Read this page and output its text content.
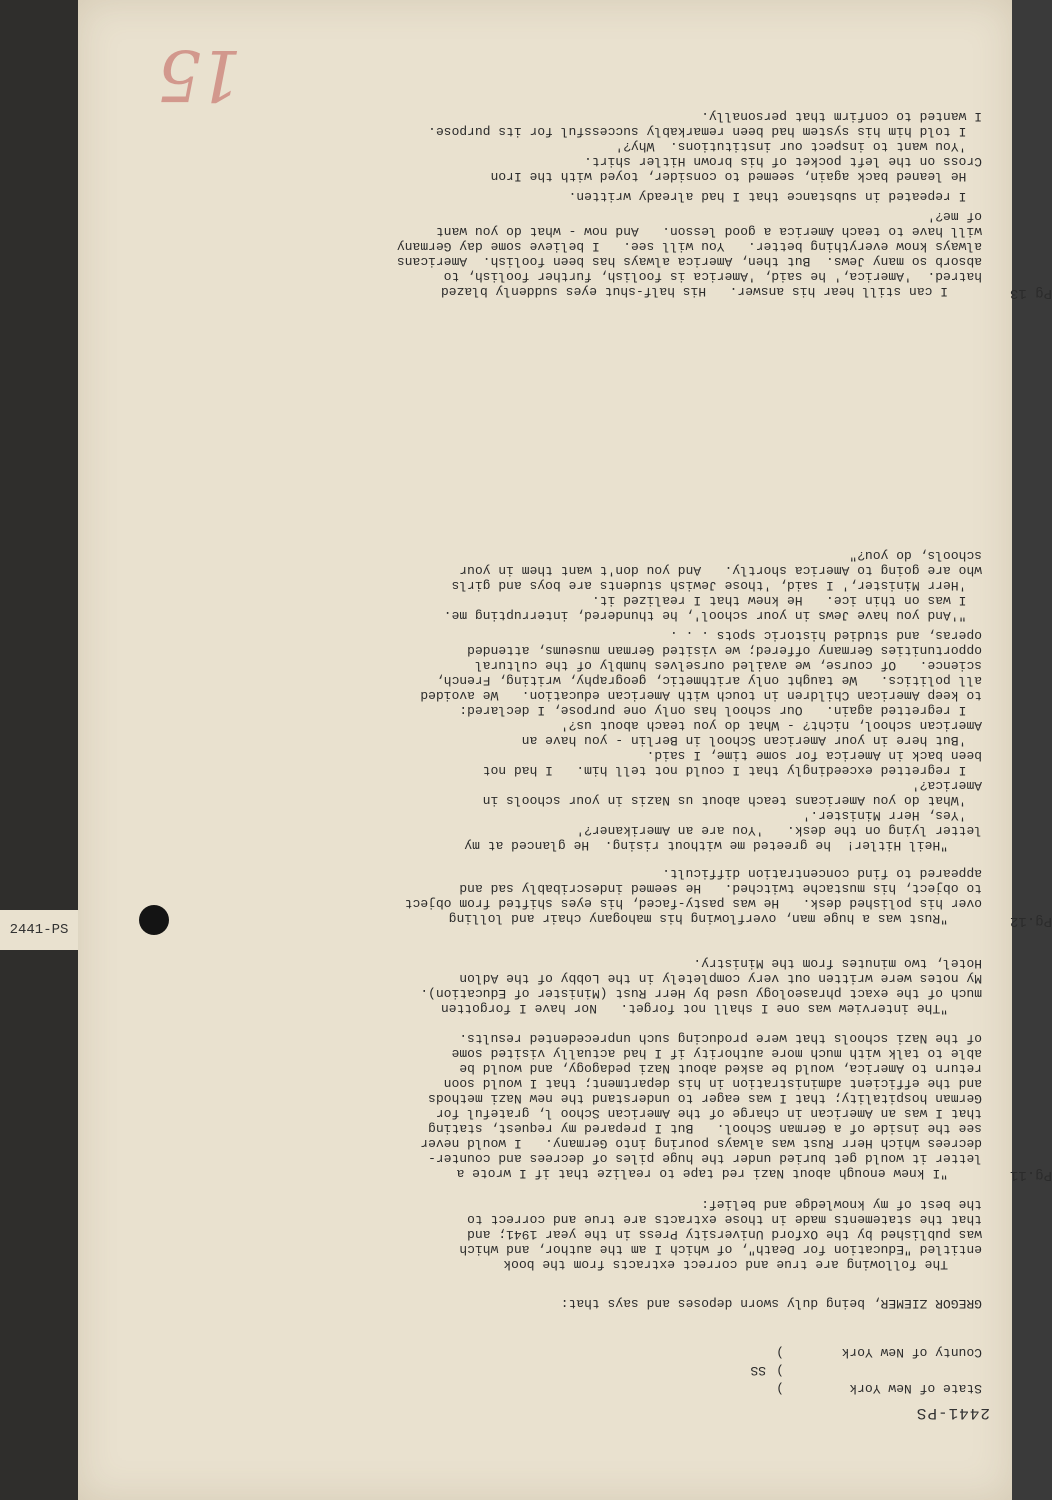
2441-PS
15
2441-PS
State of New York
County of New York
)
)
)
SS
GREGOR ZIEMER, being duly sworn deposes and says that:
The following are true and correct extracts from the book
entitled "Education for Death", of which I am the author, and which
was published by the Oxford University Press in the year 1941; and
that the statements made in those extracts are true and correct to
the best of my knowledge and belief:
Pg.11
"I knew enough about Nazi red tape to realize that if I wrote a
letter it would get buried under the huge piles of decrees and counter-
decrees which Herr Rust was always pouring into Germany.   I would never
see the inside of a German School.   But I prepared my request, stating
that I was an American in charge of the American Schoo l, grateful for
German hospitality; that I was eager to understand the new Nazi methods
and the efficient administration in his department; that I would soon
return to America, would be asked about Nazi pedagogy, and would be
able to talk with much more authority if I had actually visited some
of the Nazi schools that were producing such unprecedented results.
"The interview was one I shall not forget.   Nor have I forgotten
much of the exact phraseology used by Herr Rust (Minister of Education).
My notes were written out very completely in the Lobby of the Adlon
Hotel, two minutes from the Ministry.
Pg.12
"Rust was a huge man, overflowing his mahogany chair and lolling
over his polished desk.   He was pasty-faced, his eyes shifted from object
to object, his mustache twitched.   He seemed indescribably sad and
appeared to find concentration difficult.
"Heil Hitler!  he greeted me without rising.  He glanced at my
letter lying on the desk.   'You are an Amerikaner?'
'Yes, Herr Minister.'
'What do you Americans teach about us Nazis in your schools in
America?'
I regretted exceedingly that I could not tell him.   I had not
been back in America for some time, I said.
'But here in your American School in Berlin - you have an
American school, nicht? - What do you teach about us?'
I regretted again.   Our school has only one purpose, I declared:
to keep American Children in touch with American education.   We avoided
all politics.   We taught only arithmetic, geography, writing, French,
science.   Of course, we availed ourselves humbly of the cultural
opportunities Germany offered; we visited German museums, attended
operas, and studied historic spots . . .
"'And you have Jews in your school', he thundered, interrupting me.
I was on thin ice.   He knew that I realized it.
'Herr Minister,' I said, 'those Jewish students are boys and girls
who are going to America shortly.   And you don't want them in your
schools, do you?"
Pg 13
I can still hear his answer.   His half-shut eyes suddenly blazed
hatred.  'America,' he said, 'America is foolish, further foolish, to
absorb so many Jews.  But then, America always has been foolish.  Americans
always know everything better.   You will see.   I believe some day Germany
will have to teach America a good lesson.   And now - what do you want
of me?'
I repeated in substance that I had already written.
He leaned back again, seemed to consider, toyed with the Iron
Cross on the left pocket of his brown Hitler shirt.
'You want to inspect our institutions.  Why?'
I told him his system had been remarkably successful for its purpose.
I wanted to confirm that personally.
